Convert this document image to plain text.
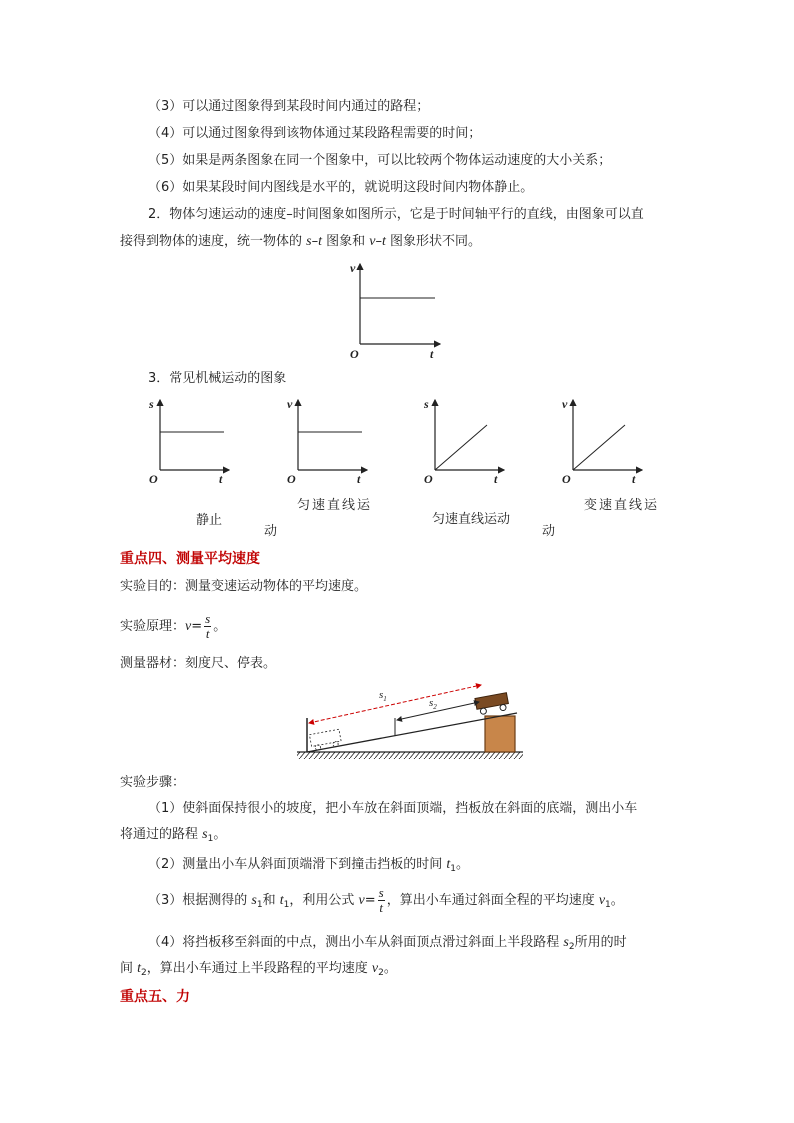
（3）可以通过图象得到某段时间内通过的路程；
（4）可以通过图象得到该物体通过某段路程需要的时间；
（5）如果是两条图象在同一个图象中，可以比较两个物体运动速度的大小关系；
（6）如果某段时间内图线是水平的，就说明这段时间内物体静止。
2．物体匀速运动的速度–时间图象如图所示，它是于时间轴平行的直线，由图象可以直
接得到物体的速度，统一物体的 s–t 图象和 v–t 图象形状不同。
v
t
O
3．常见机械运动的图象
s
t
O
v
t
O
s
t
O
v
t
O
静止
匀速直线运
动
匀速直线运动
变速直线运
动
重点四、测量平均速度
实验目的：测量变速运动物体的平均速度。
实验原理：$v= \frac{s}{t}$ 。
测量器材：刻度尺、停表。
$s_1$	$s_2$
实验步骤：
（1）使斜面保持很小的坡度，把小车放在斜面顶端，挡板放在斜面的底端，测出小车
将通过的路程 $s_1$。
（2）测量出小车从斜面顶端滑下到撞击挡板的时间 $t_1$。
（3）根据测得的 $s_1$和 $t_1$，利用公式 $v= \frac{s}{t}$ ，算出小车通过斜面全程的平均速度 $v_1$。
（4）将挡板移至斜面的中点，测出小车从斜面顶点滑过斜面上半段路程 $s_2$所用的时
间 $t_2$，算出小车通过上半段路程的平均速度 $v_2$。
重点五、力
